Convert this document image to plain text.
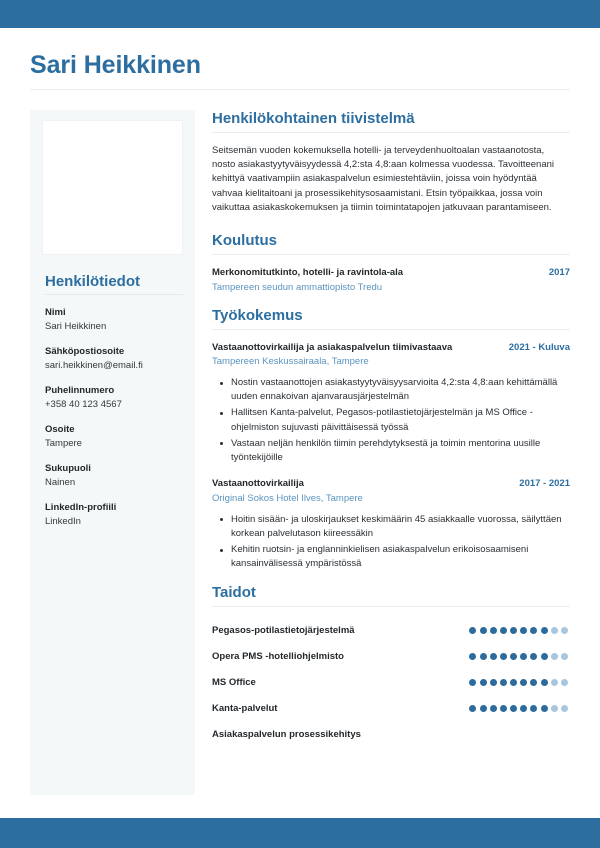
Sari Heikkinen
Henkilötiedot
Nimi
Sari Heikkinen
Sähköpostiosoite
sari.heikkinen@email.fi
Puhelinnumero
+358 40 123 4567
Osoite
Tampere
Sukupuoli
Nainen
LinkedIn-profiili
LinkedIn
Henkilökohtainen tiivistelmä

Seitsemän vuoden kokemuksella hotelli- ja terveydenhuoltoalan vastaanotosta, nosto asiakastyytyväisyydessä 4,2:sta 4,8:aan kolmessa vuodessa. Tavoitteenani kehittyä vaativampiin asiakaspalvelun esimiestehtäviin, joissa voin hyödyntää vahvaa kielitaitoani ja prosessikehitysosaamistani. Etsin työpaikkaa, jossa voin vaikuttaa asiakaskokemuksen ja tiimin toimintatapojen jatkuvaan parantamiseen.

Koulutus
Merkonomitutkinto, hotelli- ja ravintola-ala	2017
Tampereen seudun ammattiopisto Tredu
Työkokemus
Vastaanottovirkailija ja asiakaspalvelun tiimivastaava	2021 - Kuluva
Tampereen Keskussairaala, Tampere
Nostin vastaanottojen asiakastyytyväisyysarvioita 4,2:sta 4,8:aan kehittämällä uuden ennakoivan ajanvarausjärjestelmän
Hallitsen Kanta-palvelut, Pegasos-potilastietojärjestelmän ja MS Office -ohjelmiston sujuvasti päivittäisessä työssä
Vastaan neljän henkilön tiimin perehdytyksestä ja toimin mentorina uusille työntekijöille
Vastaanottovirkailija	2017 - 2021
Original Sokos Hotel Ilves, Tampere
Hoitin sisään- ja uloskirjaukset keskimäärin 45 asiakkaalle vuorossa, säilyttäen korkean palvelutason kiireessäkin
Kehitin ruotsin- ja englanninkielisen asiakaspalvelun erikoisosaamiseni kansainvälisessä ympäristössä
Taidot
Pegasos-potilastietojärjestelmä
Opera PMS -hotelliohjelmisto
MS Office
Kanta-palvelut
Asiakaspalvelun prosessikehitys
